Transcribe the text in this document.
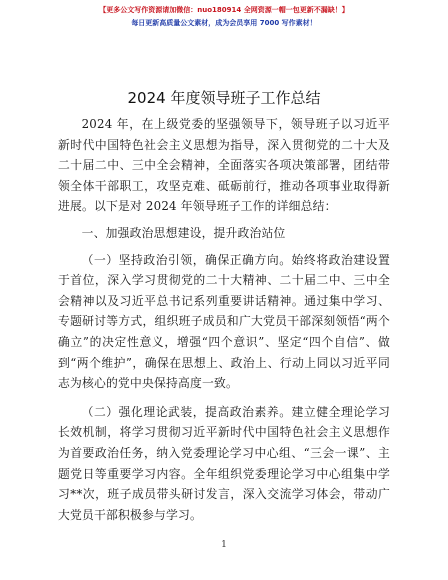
【更多公文写作资源请加微信：nuo180914 全网资源一帽一包更新不漏缺！】
每日更新高质量公文素材，成为会员享用 7000 写作素材！
2024 年度领导班子工作总结

2024 年，在上级党委的坚强领导下，领导班子以习近平新时代中国特色社会主义思想为指导，深入贯彻党的二十大及二十届二中、三中全会精神，全面落实各项决策部署，团结带领全体干部职工，攻坚克难、砥砺前行，推动各项事业取得新进展。以下是对 2024 年领导班子工作的详细总结：

一、加强政治思想建设，提升政治站位

（一）坚持政治引领，确保正确方向。始终将政治建设置于首位，深入学习贯彻党的二十大精神、二十届二中、三中全会精神以及习近平总书记系列重要讲话精神。通过集中学习、专题研讨等方式，组织班子成员和广大党员干部深刻领悟“两个确立”的决定性意义，增强“四个意识”、坚定“四个自信”、做到“两个维护”，确保在思想上、政治上、行动上同以习近平同志为核心的党中央保持高度一致。

（二）强化理论武装，提高政治素养。建立健全理论学习长效机制，将学习贯彻习近平新时代中国特色社会主义思想作为首要政治任务，纳入党委理论学习中心组、“三会一课”、主题党日等重要学习内容。全年组织党委理论学习中心组集中学习**次，班子成员带头研讨发言，深入交流学习体会，带动广大党员干部积极参与学习。

1
